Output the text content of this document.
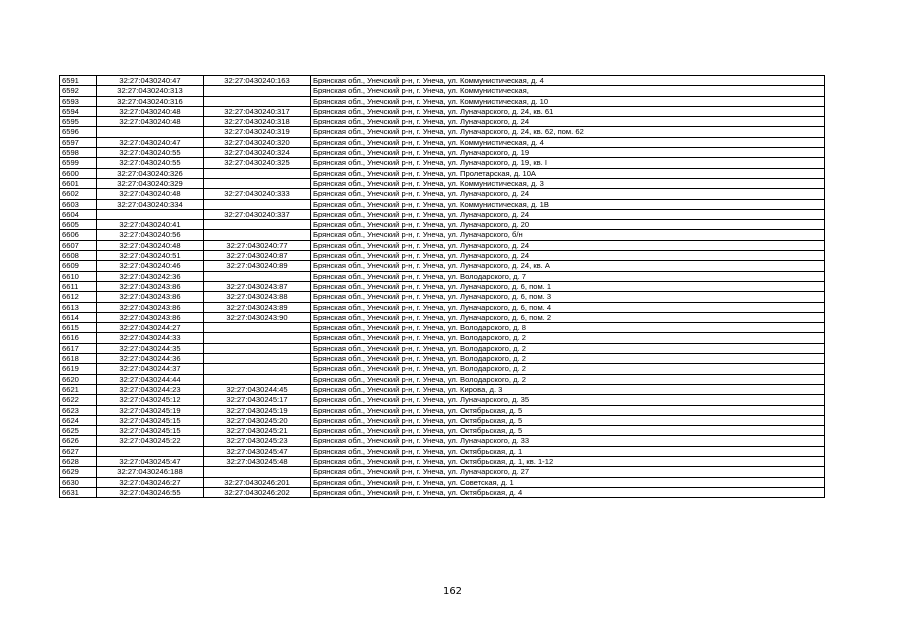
6591	32:27:0430240:47	32:27:0430240:163	Брянская обл., Унечский р-н, г. Унеча, ул. Коммунистическая, д. 4
6592	32:27:0430240:313		Брянская обл., Унечский р-н, г. Унеча, ул. Коммунистическая,
6593	32:27:0430240:316		Брянская обл., Унечский р-н, г. Унеча, ул. Коммунистическая, д. 10
6594	32:27:0430240:48	32:27:0430240:317	Брянская обл., Унечский р-н, г. Унеча, ул. Луначарского, д. 24, кв. 61
6595	32:27:0430240:48	32:27:0430240:318	Брянская обл., Унечский р-н, г. Унеча, ул. Луначарского, д. 24
6596		32:27:0430240:319	Брянская обл., Унечский р-н, г. Унеча, ул. Луначарского, д. 24, кв. 62, пом. 62
6597	32:27:0430240:47	32:27:0430240:320	Брянская обл., Унечский р-н, г. Унеча, ул. Коммунистическая, д. 4
6598	32:27:0430240:55	32:27:0430240:324	Брянская обл., Унечский р-н, г. Унеча, ул. Луначарского, д. 19
6599	32:27:0430240:55	32:27:0430240:325	Брянская обл., Унечский р-н, г. Унеча, ул. Луначарского, д. 19, кв. I
6600	32:27:0430240:326		Брянская обл., Унечский р-н, г. Унеча, ул. Пролетарская, д. 10А
6601	32:27:0430240:329		Брянская обл., Унечский р-н, г. Унеча, ул. Коммунистическая, д. 3
6602	32:27:0430240:48	32:27:0430240:333	Брянская обл., Унечский р-н, г. Унеча, ул. Луначарского, д. 24
6603	32:27:0430240:334		Брянская обл., Унечский р-н, г. Унеча, ул. Коммунистическая, д. 1В
6604		32:27:0430240:337	Брянская обл., Унечский р-н, г. Унеча, ул. Луначарского, д. 24
6605	32:27:0430240:41		Брянская обл., Унечский р-н, г. Унеча, ул. Луначарского, д. 20
6606	32:27:0430240:56		Брянская обл., Унечский р-н, г. Унеча, ул. Луначарского, б/н
6607	32:27:0430240:48	32:27:0430240:77	Брянская обл., Унечский р-н, г. Унеча, ул. Луначарского, д. 24
6608	32:27:0430240:51	32:27:0430240:87	Брянская обл., Унечский р-н, г. Унеча, ул. Луначарского, д. 24
6609	32:27:0430240:46	32:27:0430240:89	Брянская обл., Унечский р-н, г. Унеча, ул. Луначарского, д. 24, кв. А
6610	32:27:0430242:36		Брянская обл., Унечский р-н, г. Унеча, ул. Володарского, д. 7
6611	32:27:0430243:86	32:27:0430243:87	Брянская обл., Унечский р-н, г. Унеча, ул. Луначарского, д. 6, пом. 1
6612	32:27:0430243:86	32:27:0430243:88	Брянская обл., Унечский р-н, г. Унеча, ул. Луначарского, д. 6, пом. 3
6613	32:27:0430243:86	32:27:0430243:89	Брянская обл., Унечский р-н, г. Унеча, ул. Луначарского, д. 6, пом. 4
6614	32:27:0430243:86	32:27:0430243:90	Брянская обл., Унечский р-н, г. Унеча, ул. Луначарского, д. 6, пом. 2
6615	32:27:0430244:27		Брянская обл., Унечский р-н, г. Унеча, ул. Володарского, д. 8
6616	32:27:0430244:33		Брянская обл., Унечский р-н, г. Унеча, ул. Володарского, д. 2
6617	32:27:0430244:35		Брянская обл., Унечский р-н, г. Унеча, ул. Володарского, д. 2
6618	32:27:0430244:36		Брянская обл., Унечский р-н, г. Унеча, ул. Володарского, д. 2
6619	32:27:0430244:37		Брянская обл., Унечский р-н, г. Унеча, ул. Володарского, д. 2
6620	32:27:0430244:44		Брянская обл., Унечский р-н, г. Унеча, ул. Володарского, д. 2
6621	32:27:0430244:23	32:27:0430244:45	Брянская обл., Унечский р-н, г. Унеча, ул. Кирова, д. 3
6622	32:27:0430245:12	32:27:0430245:17	Брянская обл., Унечский р-н, г. Унеча, ул. Луначарского, д. 35
6623	32:27:0430245:19	32:27:0430245:19	Брянская обл., Унечский р-н, г. Унеча, ул. Октябрьская, д. 5
6624	32:27:0430245:15	32:27:0430245:20	Брянская обл., Унечский р-н, г. Унеча, ул. Октябрьская, д. 5
6625	32:27:0430245:15	32:27:0430245:21	Брянская обл., Унечский р-н, г. Унеча, ул. Октябрьская, д. 5
6626	32:27:0430245:22	32:27:0430245:23	Брянская обл., Унечский р-н, г. Унеча, ул. Луначарского, д. 33
6627		32:27:0430245:47	Брянская обл., Унечский р-н, г. Унеча, ул. Октябрьская, д. 1
6628	32:27:0430245:47	32:27:0430245:48	Брянская обл., Унечский р-н, г. Унеча, ул. Октябрьская, д. 1, кв. 1-12
6629	32:27:0430246:188		Брянская обл., Унечский р-н, г. Унеча, ул. Луначарского, д. 27
6630	32:27:0430246:27	32:27:0430246:201	Брянская обл., Унечский р-н, г. Унеча, ул. Советская, д. 1
6631	32:27:0430246:55	32:27:0430246:202	Брянская обл., Унечский р-н, г. Унеча, ул. Октябрьская, д. 4
162
